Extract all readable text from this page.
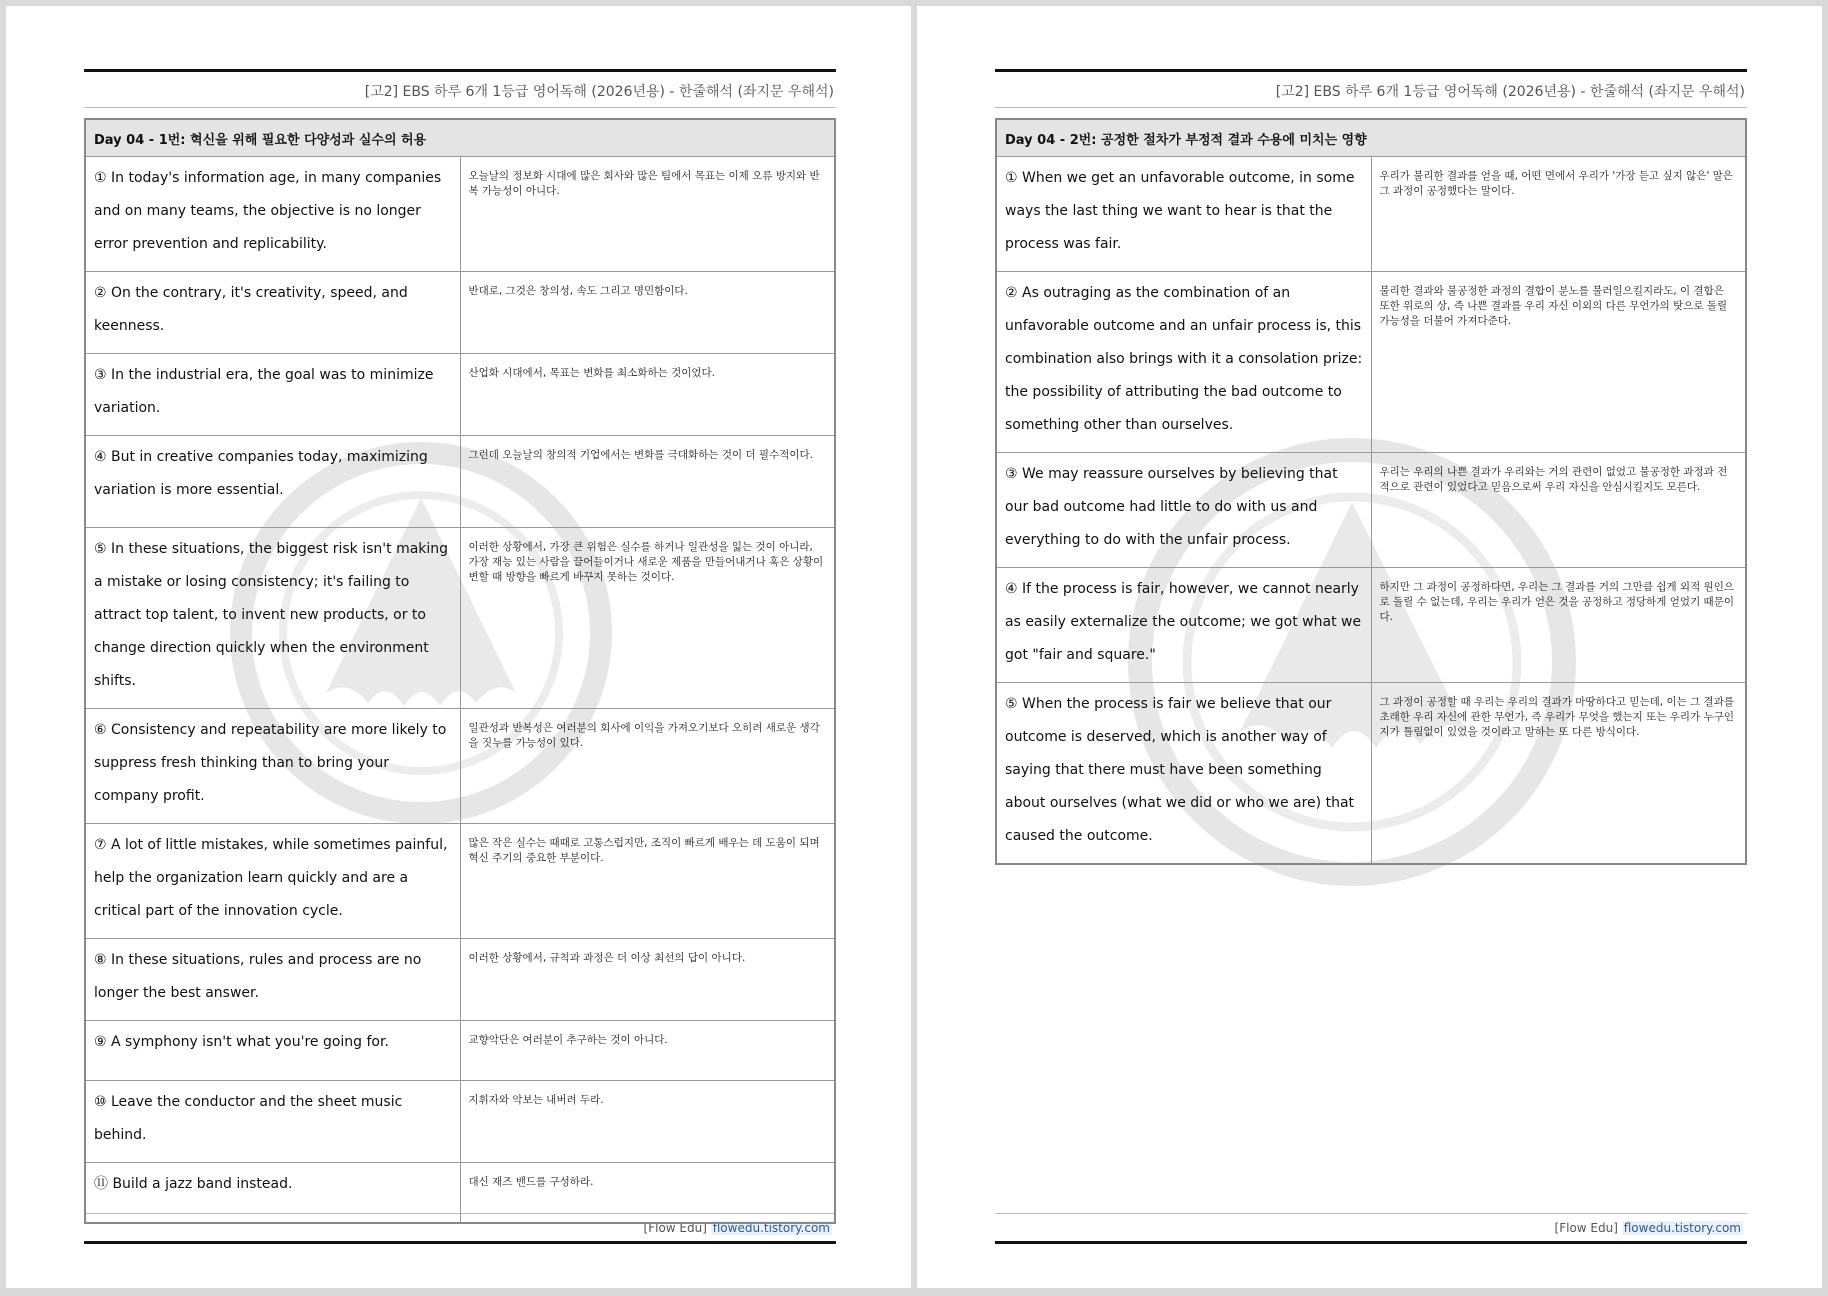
[고2] EBS 하루 6개 1등급 영어독해 (2026년용) - 한줄해석 (좌지문 우해석)
Day 04 - 1번: 혁신을 위해 필요한 다양성과 실수의 허용	
① In today's information age, in many companies and on many teams, the objective is no longer error prevention and replicability.	오늘날의 정보화 시대에 많은 회사와 많은 팀에서 목표는 이제 오류 방지와 반복 가능성이 아니다.
② On the contrary, it's creativity, speed, and keenness.	반대로, 그것은 창의성, 속도 그리고 명민함이다.
③ In the industrial era, the goal was to minimize variation.	산업화 시대에서, 목표는 변화를 최소화하는 것이었다.
④ But in creative companies today, maximizing variation is more essential.	그런데 오늘날의 창의적 기업에서는 변화를 극대화하는 것이 더 필수적이다.
⑤ In these situations, the biggest risk isn't making a mistake or losing consistency; it's failing to attract top talent, to invent new products, or to change direction quickly when the environment shifts.	이러한 상황에서, 가장 큰 위험은 실수를 하거나 일관성을 잃는 것이 아니라, 가장 재능 있는 사람을 끌어들이거나 새로운 제품을 만들어내거나 혹은 상황이 변할 때 방향을 빠르게 바꾸지 못하는 것이다.
⑥ Consistency and repeatability are more likely to suppress fresh thinking than to bring your company profit.	일관성과 반복성은 여러분의 회사에 이익을 가져오기보다 오히려 새로운 생각을 짓누를 가능성이 있다.
⑦ A lot of little mistakes, while sometimes painful, help the organization learn quickly and are a critical part of the innovation cycle.	많은 작은 실수는 때때로 고통스럽지만, 조직이 빠르게 배우는 데 도움이 되며 혁신 주기의 중요한 부분이다.
⑧ In these situations, rules and process are no longer the best answer.	이러한 상황에서, 규칙과 과정은 더 이상 최선의 답이 아니다.
⑨ A symphony isn't what you're going for.	교향악단은 여러분이 추구하는 것이 아니다.
⑩ Leave the conductor and the sheet music behind.	지휘자와 악보는 내버려 두라.
⑪ Build a jazz band instead.	대신 재즈 밴드를 구성하라.
[Flow Edu] flowedu.tistory.com
[고2] EBS 하루 6개 1등급 영어독해 (2026년용) - 한줄해석 (좌지문 우해석)
Day 04 - 2번: 공정한 절차가 부정적 결과 수용에 미치는 영향	
① When we get an unfavorable outcome, in some ways the last thing we want to hear is that the process was fair.	우리가 불리한 결과를 얻을 때, 어떤 면에서 우리가 '가장 듣고 싶지 않은' 말은 그 과정이 공정했다는 말이다.
② As outraging as the combination of an unfavorable outcome and an unfair process is, this combination also brings with it a consolation prize: the possibility of attributing the bad outcome to something other than ourselves.	불리한 결과와 불공정한 과정의 결합이 분노를 불러일으킬지라도, 이 결합은 또한 위로의 상, 즉 나쁜 결과를 우리 자신 이외의 다른 무언가의 탓으로 돌릴 가능성을 더불어 가져다준다.
③ We may reassure ourselves by believing that our bad outcome had little to do with us and everything to do with the unfair process.	우리는 우리의 나쁜 결과가 우리와는 거의 관련이 없었고 불공정한 과정과 전적으로 관련이 있었다고 믿음으로써 우리 자신을 안심시킬지도 모른다.
④ If the process is fair, however, we cannot nearly as easily externalize the outcome; we got what we got "fair and square."	하지만 그 과정이 공정하다면, 우리는 그 결과를 거의 그만큼 쉽게 외적 원인으로 돌릴 수 없는데, 우리는 우리가 얻은 것을 공정하고 정당하게 얻었기 때문이다.
⑤ When the process is fair we believe that our outcome is deserved, which is another way of saying that there must have been something about ourselves (what we did or who we are) that caused the outcome.	그 과정이 공정할 때 우리는 우리의 결과가 마땅하다고 믿는데, 이는 그 결과를 초래한 우리 자신에 관한 무언가, 즉 우리가 무엇을 했는지 또는 우리가 누구인지가 틀림없이 있었을 것이라고 말하는 또 다른 방식이다.
[Flow Edu] flowedu.tistory.com
